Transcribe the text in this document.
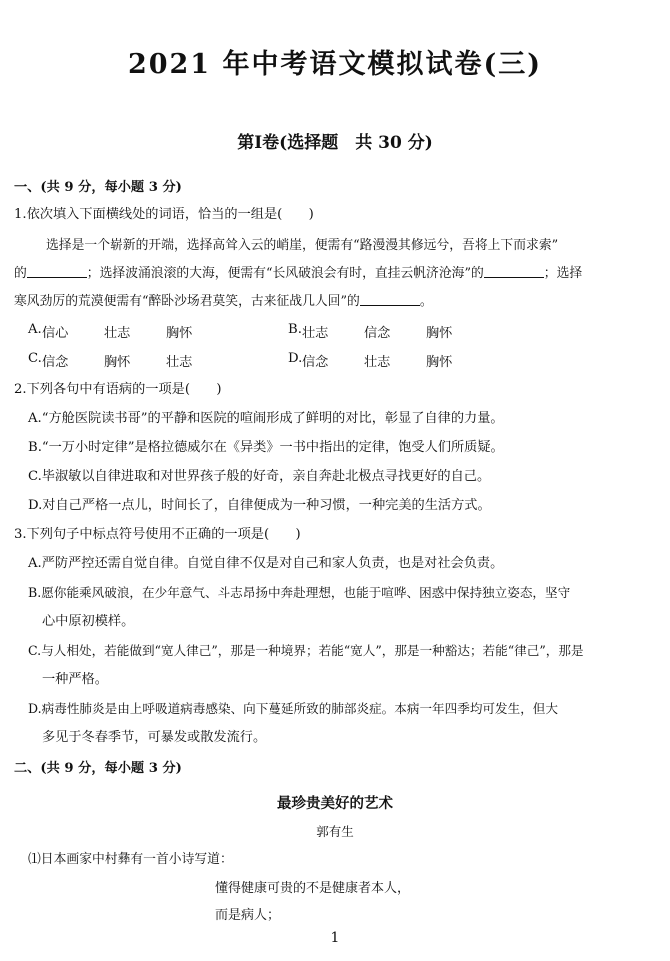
2021 年中考语文模拟试卷(三)
第Ⅰ卷(选择题　共 30 分)
一、(共 9 分，每小题 3 分)
1.依次填入下面横线处的词语，恰当的一组是(　　)
选择是一个崭新的开端，选择高耸入云的峭崖，便需有“路漫漫其修远兮，吾将上下而求索”
的	；选择波涌浪滚的大海，便需有“长风破浪会有时，直挂云帆济沧海”的	；选择
寒风劲厉的荒漠便需有“醉卧沙场君莫笑，古来征战几人回”的	。
A. 信心	壮志	胸怀	B. 壮志	信念	胸怀
C. 信念	胸怀	壮志	D. 信念	壮志	胸怀
2.下列各句中有语病的一项是(　　)
A.“方舱医院读书哥”的平静和医院的喧闹形成了鲜明的对比，彰显了自律的力量。
B.“一万小时定律”是格拉德威尔在《异类》一书中指出的定律，饱受人们所质疑。
C.毕淑敏以自律进取和对世界孩子般的好奇，亲自奔赴北极点寻找更好的自己。
D.对自己严格一点儿，时间长了，自律便成为一种习惯，一种完美的生活方式。
3.下列句子中标点符号使用不正确的一项是(　　)
A.严防严控还需自觉自律。自觉自律不仅是对自己和家人负责，也是对社会负责。
B.愿你能乘风破浪，在少年意气、斗志昂扬中奔赴理想，也能于喧哗、困惑中保持独立姿态，坚守
心中原初模样。
C.与人相处，若能做到“宽人律己”，那是一种境界；若能“宽人”，那是一种豁达；若能“律己”，那是
一种严格。
D.病毒性肺炎是由上呼吸道病毒感染、向下蔓延所致的肺部炎症。本病一年四季均可发生，但大
多见于冬春季节，可暴发或散发流行。
二、(共 9 分，每小题 3 分)
最珍贵美好的艺术
郭有生
⑴日本画家中村彝有一首小诗写道：
懂得健康可贵的不是健康者本人，
而是病人；
1
